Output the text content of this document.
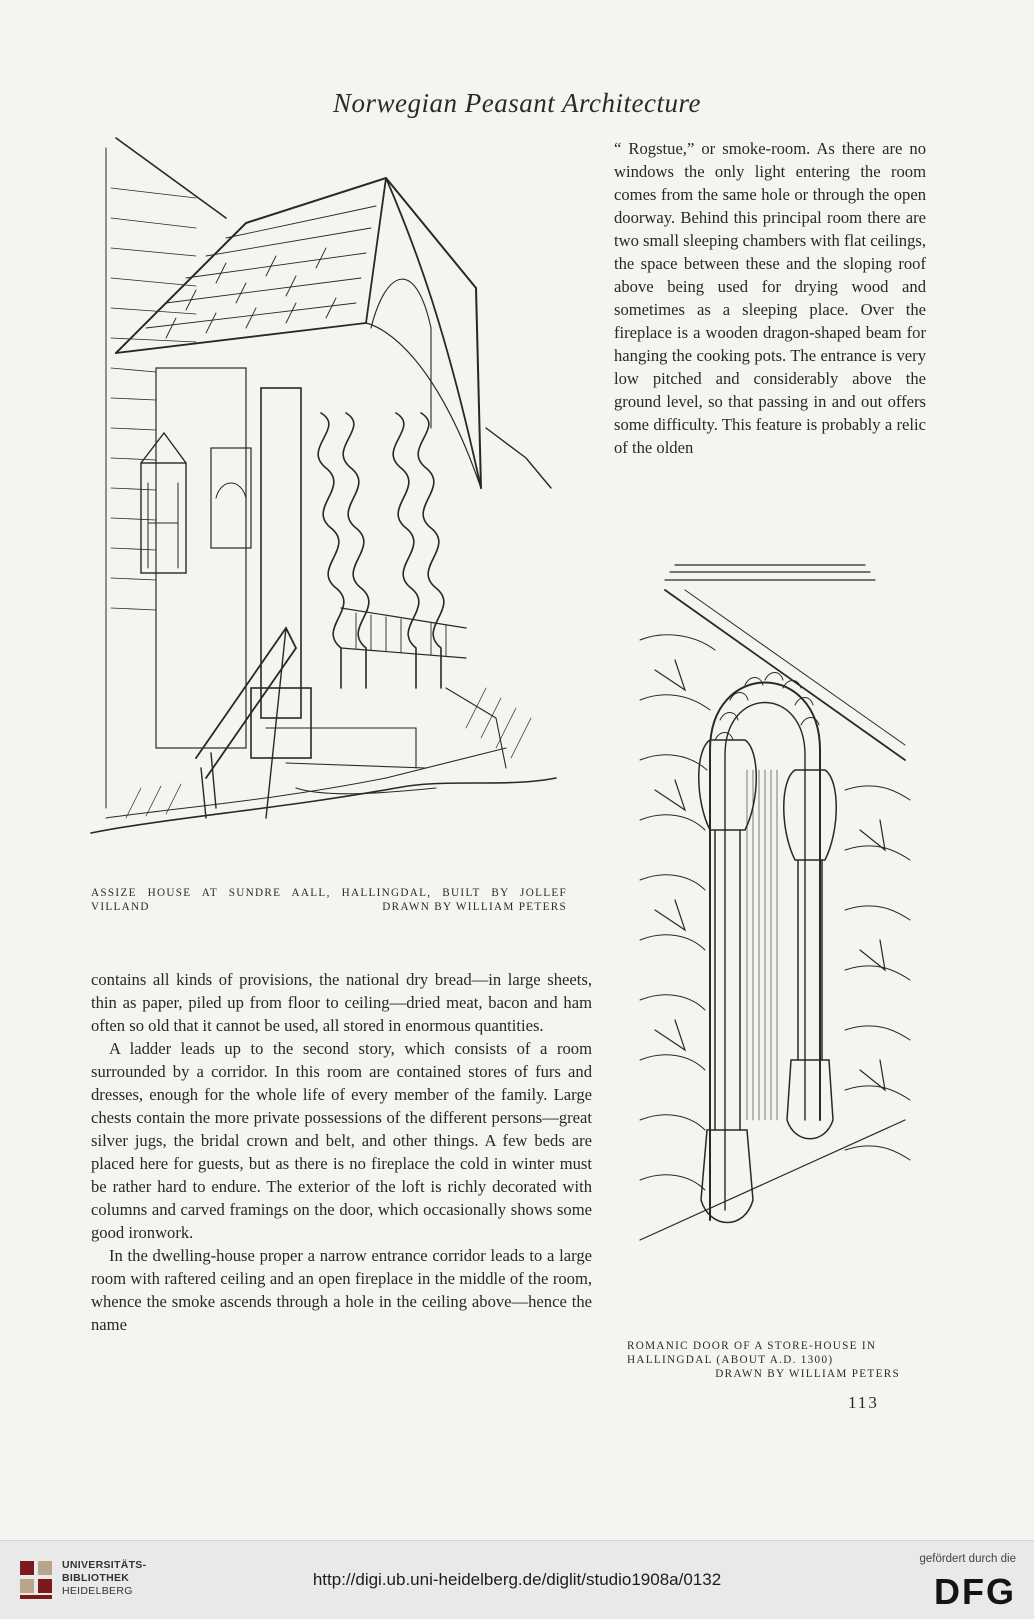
Norwegian Peasant Architecture

“ Rogstue,” or smoke-room. As there are no windows the only light entering the room comes from the same hole or through the open doorway. Behind this principal room there are two small sleeping chambers with flat ceilings, the space between these and the sloping roof above being used for drying wood and sometimes as a sleeping place. Over the fireplace is a wooden dragon-shaped beam for hanging the cooking pots. The entrance is very low pitched and considerably above the ground level, so that passing in and out offers some difficulty. This feature is probably a relic of the olden

ASSIZE HOUSE AT SUNDRE AALL, HALLINGDAL, BUILT BY JOLLEF
VILLAND	DRAWN BY WILLIAM PETERS

contains all kinds of provisions, the national dry bread—in large sheets, thin as paper, piled up from floor to ceiling—dried meat, bacon and ham often so old that it cannot be used, all stored in enormous quantities.

A ladder leads up to the second story, which consists of a room surrounded by a corridor. In this room are contained stores of furs and dresses, enough for the whole life of every member of the family. Large chests contain the more private possessions of the different persons—great silver jugs, the bridal crown and belt, and other things. A few beds are placed here for guests, but as there is no fireplace the cold in winter must be rather hard to endure. The exterior of the loft is richly decorated with columns and carved framings on the door, which occasionally shows some good ironwork.

In the dwelling-house proper a narrow entrance corridor leads to a large room with raftered ceiling and an open fireplace in the middle of the room, whence the smoke ascends through a hole in the ceiling above—hence the name

ROMANIC DOOR OF A STORE-HOUSE IN
HALLINGDAL (ABOUT A.D. 1300)
DRAWN BY WILLIAM PETERS
113
UNIVERSITÄTS-
BIBLIOTHEK
HEIDELBERG
http://digi.ub.uni-heidelberg.de/diglit/studio1908a/0132
gefördert durch die
DFG
